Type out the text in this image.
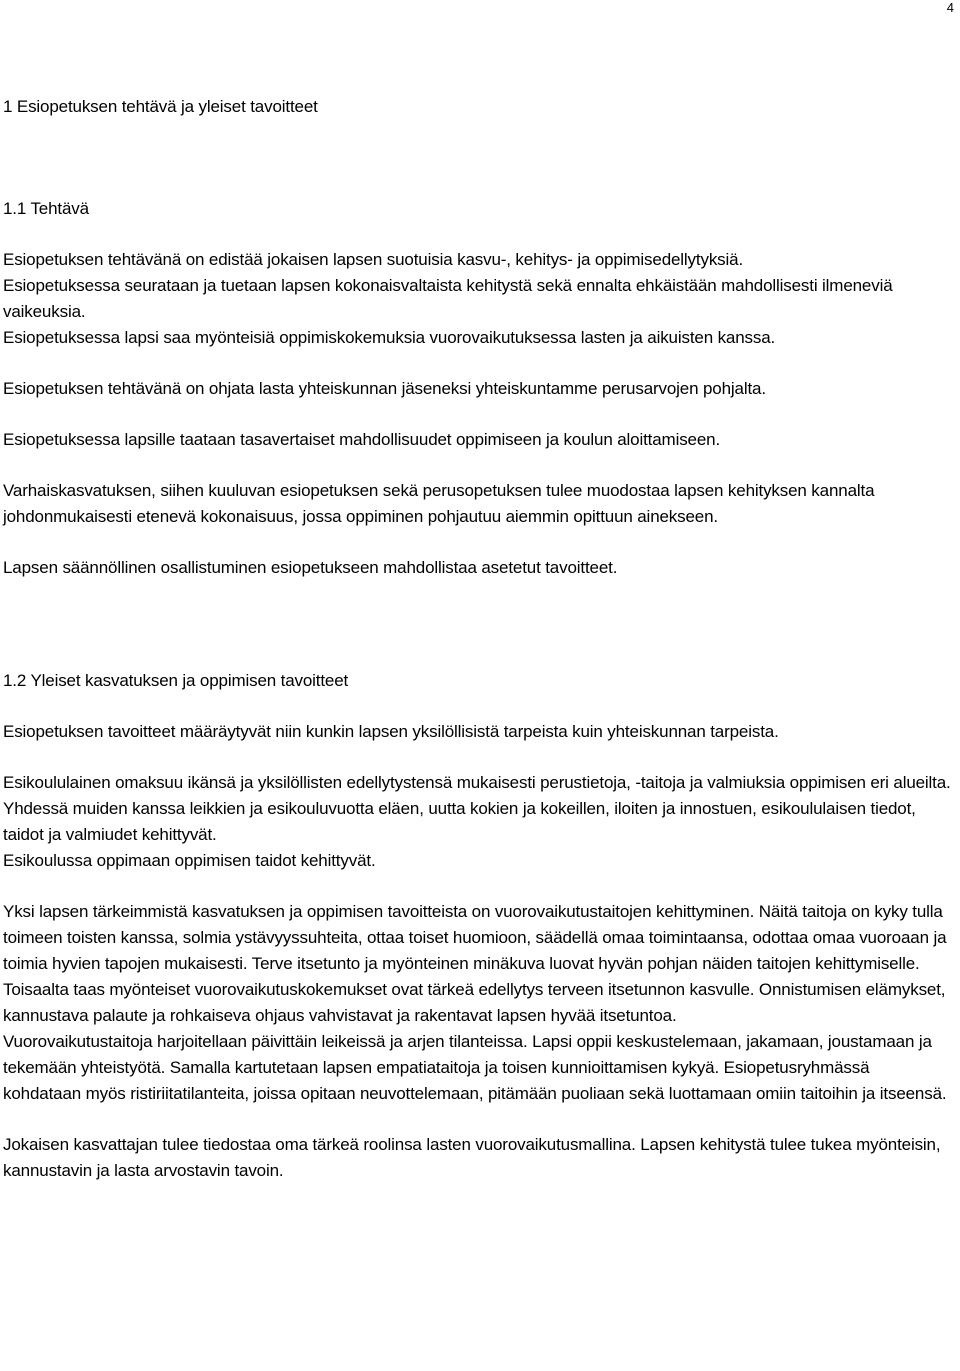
4
1 Esiopetuksen tehtävä ja yleiset tavoitteet
1.1 Tehtävä

Esiopetuksen tehtävänä on edistää jokaisen lapsen suotuisia kasvu-, kehitys- ja oppimisedellytyksiä.
Esiopetuksessa seurataan ja tuetaan lapsen kokonaisvaltaista kehitystä sekä ennalta ehkäistään mahdollisesti ilmeneviä vaikeuksia.
Esiopetuksessa lapsi saa myönteisiä oppimiskokemuksia vuorovaikutuksessa lasten ja aikuisten kanssa.

Esiopetuksen tehtävänä on ohjata lasta yhteiskunnan jäseneksi yhteiskuntamme perusarvojen pohjalta.

Esiopetuksessa lapsille taataan tasavertaiset mahdollisuudet oppimiseen ja koulun aloittamiseen.

Varhaiskasvatuksen, siihen kuuluvan esiopetuksen sekä perusopetuksen tulee muodostaa lapsen kehityksen kannalta johdonmukaisesti etenevä kokonaisuus, jossa oppiminen pohjautuu aiemmin opittuun ainekseen.

Lapsen säännöllinen osallistuminen esiopetukseen mahdollistaa asetetut tavoitteet.

1.2 Yleiset kasvatuksen ja oppimisen tavoitteet

Esiopetuksen tavoitteet määräytyvät niin kunkin lapsen yksilöllisistä tarpeista kuin yhteiskunnan tarpeista.

Esikoululainen omaksuu ikänsä ja yksilöllisten edellytystensä mukaisesti perustietoja, -taitoja ja valmiuksia oppimisen eri alueilta. Yhdessä muiden kanssa leikkien ja esikouluvuotta eläen, uutta kokien ja kokeillen, iloiten ja innostuen, esikoululaisen tiedot, taidot ja valmiudet kehittyvät.
Esikoulussa oppimaan oppimisen taidot kehittyvät.

Yksi lapsen tärkeimmistä kasvatuksen ja oppimisen tavoitteista on vuorovaikutustaitojen kehittyminen. Näitä taitoja on kyky tulla toimeen toisten kanssa, solmia ystävyyssuhteita, ottaa toiset huomioon, säädellä omaa toimintaansa, odottaa omaa vuoroaan ja toimia hyvien tapojen mukaisesti. Terve itsetunto ja myönteinen minäkuva luovat hyvän pohjan näiden taitojen kehittymiselle. Toisaalta taas myönteiset vuorovaikutuskokemukset ovat tärkeä edellytys terveen itsetunnon kasvulle. Onnistumisen elämykset, kannustava palaute ja rohkaiseva ohjaus vahvistavat ja rakentavat lapsen hyvää itsetuntoa.
Vuorovaikutustaitoja harjoitellaan päivittäin leikeissä ja arjen tilanteissa. Lapsi oppii keskustelemaan, jakamaan, joustamaan ja tekemään yhteistyötä. Samalla kartutetaan lapsen empatiataitoja ja toisen kunnioittamisen kykyä. Esiopetusryhmässä kohdataan myös ristiriitatilanteita, joissa opitaan neuvottelemaan, pitämään puoliaan sekä luottamaan omiin taitoihin ja itseensä.

Jokaisen kasvattajan tulee tiedostaa oma tärkeä roolinsa lasten vuorovaikutusmallina. Lapsen kehitystä tulee tukea myönteisin, kannustavin ja lasta arvostavin tavoin.
